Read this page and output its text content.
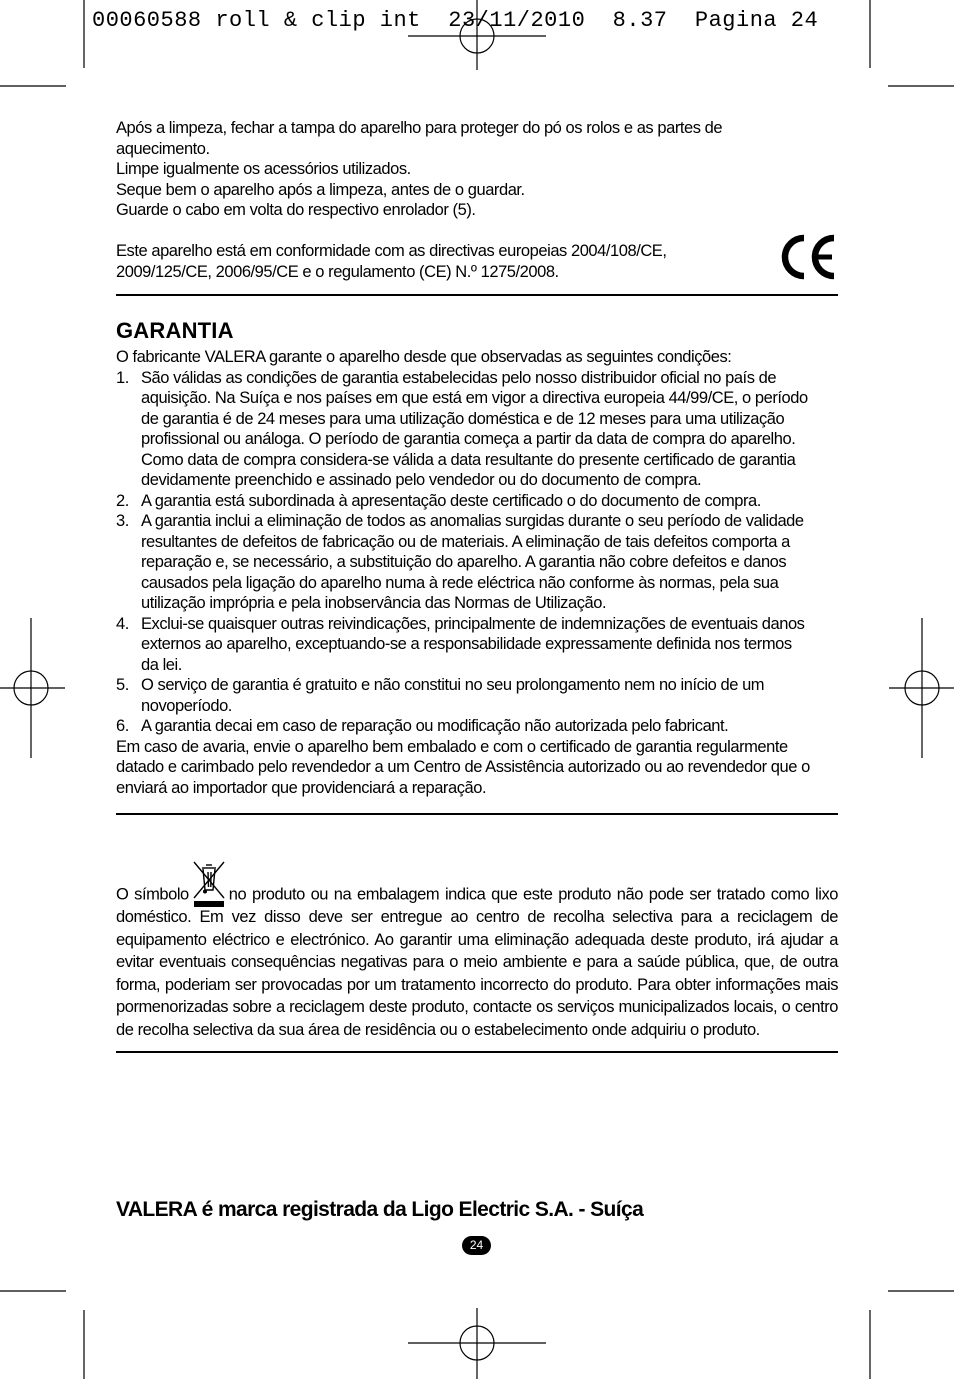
00060588 roll & clip int  23/11/2010  8.37  Pagina 24
Após a limpeza, fechar a tampa do aparelho para proteger do pó os rolos e as partes de
aquecimento.
Limpe igualmente os acessórios utilizados.
Seque bem o aparelho após a limpeza, antes de o guardar.
Guarde o cabo em volta do respectivo enrolador (5).
Este aparelho está em conformidade com as directivas europeias 2004/108/CE,
2009/125/CE, 2006/95/CE e o regulamento (CE) N.º 1275/2008.
GARANTIA
O fabricante VALERA garante o aparelho desde que observadas as seguintes condições:
1. São válidas as condições de garantia estabelecidas pelo nosso distribuidor oficial no país de
aquisição. Na Suíça e nos países em que está em vigor a directiva europeia 44/99/CE, o período
de garantia é de 24 meses para uma utilização doméstica e de 12 meses para uma utilização
profissional ou análoga. O período de garantia começa a partir da data de compra do aparelho.
Como data de compra considera-se válida a data resultante do presente certificado de garantia
devidamente preenchido e assinado pelo vendedor ou do documento de compra.
2. A garantia está subordinada à apresentação deste certificado o do documento de compra.
3. A garantia inclui a eliminação de todos as anomalias surgidas durante o seu período de validade
resultantes de defeitos de fabricação ou de materiais. A eliminação de tais defeitos comporta a
reparação e, se necessário, a substituição do aparelho. A garantia não cobre defeitos e danos
causados pela ligação do aparelho numa à rede eléctrica não conforme às normas, pela sua
utilização imprópria e pela inobservância das Normas de Utilização.
4. Exclui-se quaisquer outras reivindicações, principalmente de indemnizações de eventuais danos
externos ao aparelho, exceptuando-se a responsabilidade expressamente definida nos termos
da lei.
5. O serviço de garantia é gratuito e não constitui no seu prolongamento nem no início de um
novoperíodo.
6. A garantia decai em caso de reparação ou modificação não autorizada pelo fabricant.
Em caso de avaria, envie o aparelho bem embalado e com o certificado de garantia regularmente
datado e carimbado pelo revendedor a um Centro de Assistência autorizado ou ao revendedor que o
enviará ao importador que providenciará a reparação.
O símbolo no produto ou na embalagem indica que este produto não pode ser tratado como lixo doméstico. Em vez disso deve ser entregue ao centro de recolha selectiva para a reciclagem de equipamento eléctrico e electrónico. Ao garantir uma eliminação adequada deste produto, irá ajudar a evitar eventuais consequências negativas para o meio ambiente e para a saúde pública, que, de outra forma, poderiam ser provocadas por um tratamento incorrecto do produto. Para obter informações mais pormenorizadas sobre a reciclagem deste produto, contacte os serviços municipalizados locais, o centro de recolha selectiva da sua área de residência ou o estabelecimento onde adquiriu o produto.
VALERA é marca registrada da Ligo Electric S.A. - Suíça
24
